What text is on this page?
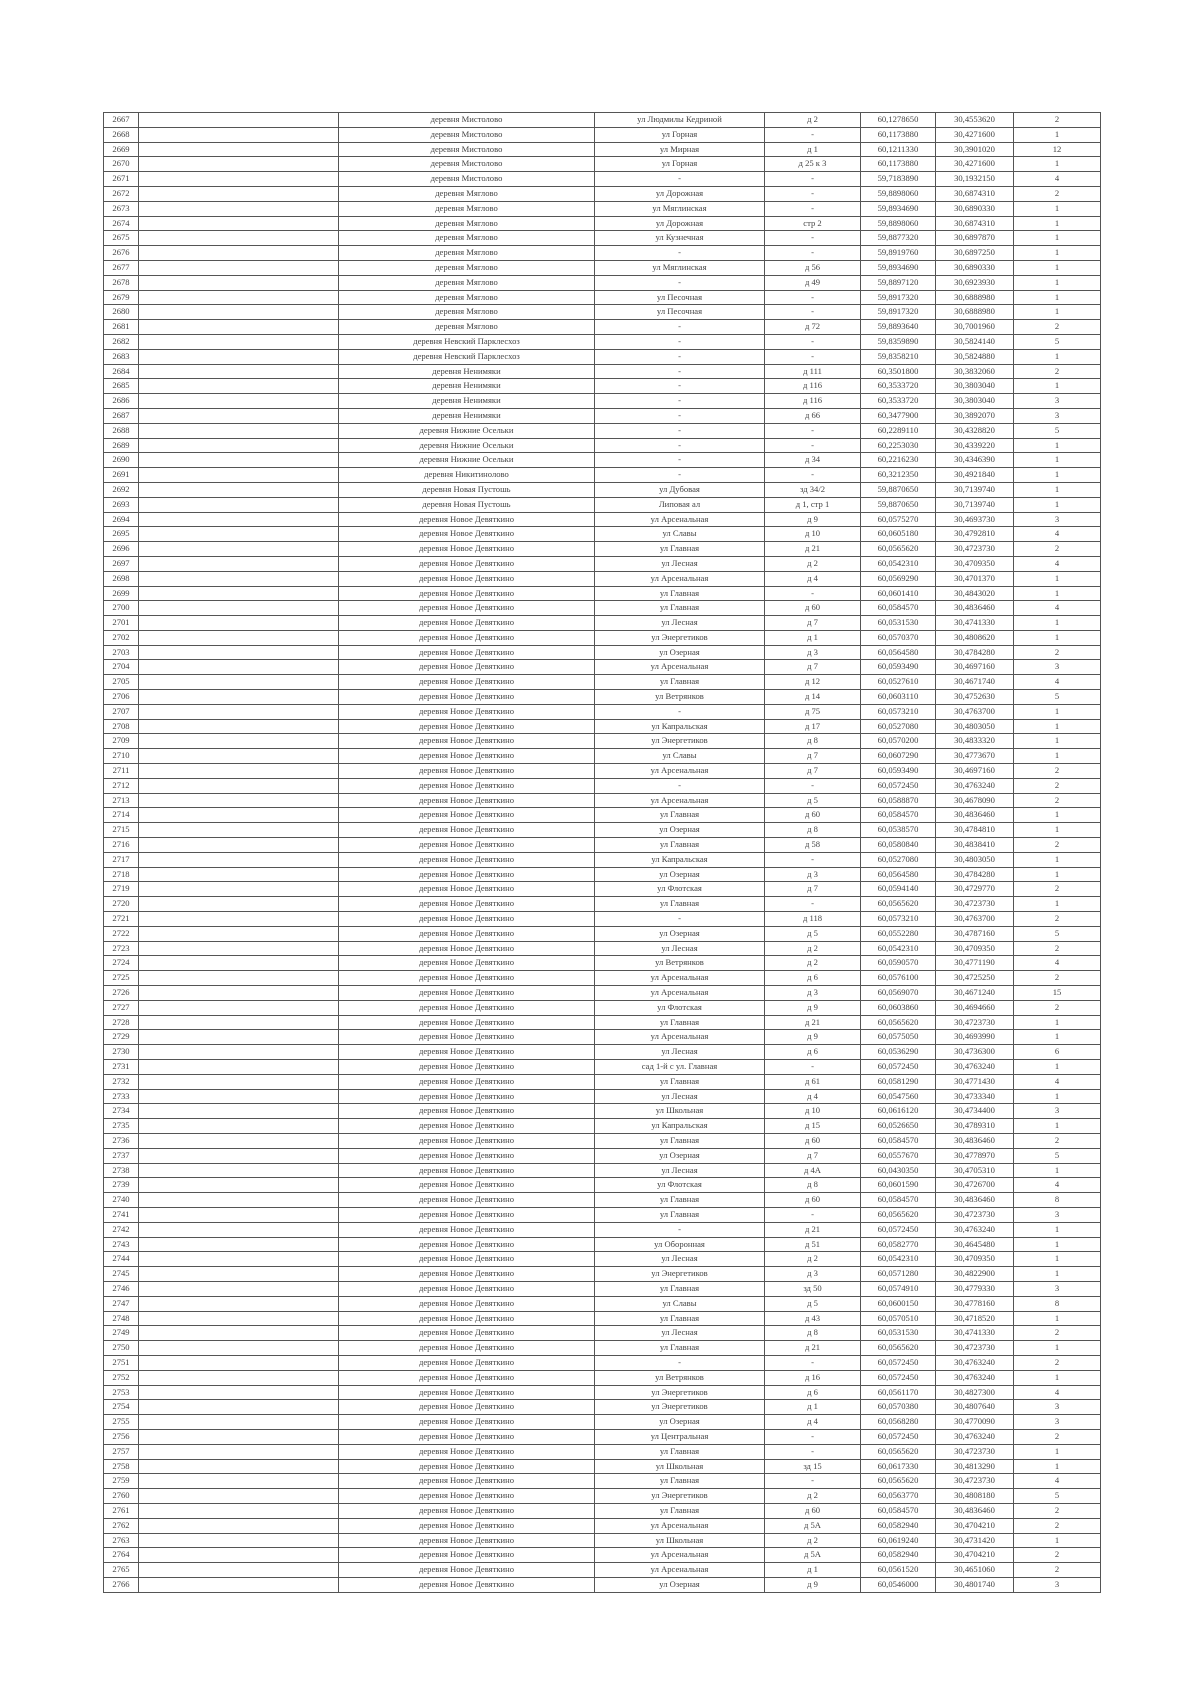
2667		деревня Мистолово	ул Людмилы Кедриной	д 2	60,1278650	30,4553620	2
2668		деревня Мистолово	ул Горная	-	60,1173880	30,4271600	1
2669		деревня Мистолово	ул Мирная	д 1	60,1211330	30,3901020	12
2670		деревня Мистолово	ул Горная	д 25 к 3	60,1173880	30,4271600	1
2671		деревня Мистолово	-	-	59,7183890	30,1932150	4
2672		деревня Мяглово	ул Дорожная	-	59,8898060	30,6874310	2
2673		деревня Мяглово	ул Мяглинская	-	59,8934690	30,6890330	1
2674		деревня Мяглово	ул Дорожная	стр 2	59,8898060	30,6874310	1
2675		деревня Мяглово	ул Кузнечная	-	59,8877320	30,6897870	1
2676		деревня Мяглово	-	-	59,8919760	30,6897250	1
2677		деревня Мяглово	ул Мяглинская	д 56	59,8934690	30,6890330	1
2678		деревня Мяглово	-	д 49	59,8897120	30,6923930	1
2679		деревня Мяглово	ул Песочная	-	59,8917320	30,6888980	1
2680		деревня Мяглово	ул Песочная	-	59,8917320	30,6888980	1
2681		деревня Мяглово	-	д 72	59,8893640	30,7001960	2
2682		деревня Невский Парклесхоз	-	-	59,8359890	30,5824140	5
2683		деревня Невский Парклесхоз	-	-	59,8358210	30,5824880	1
2684		деревня Ненимяки	-	д 111	60,3501800	30,3832060	2
2685		деревня Ненимяки	-	д 116	60,3533720	30,3803040	1
2686		деревня Ненимяки	-	д 116	60,3533720	30,3803040	3
2687		деревня Ненимяки	-	д 66	60,3477900	30,3892070	3
2688		деревня Нижние Осельки	-	-	60,2289110	30,4328820	5
2689		деревня Нижние Осельки	-	-	60,2253030	30,4339220	1
2690		деревня Нижние Осельки	-	д 34	60,2216230	30,4346390	1
2691		деревня Никитинолово	-	-	60,3212350	30,4921840	1
2692		деревня Новая Пустошь	ул Дубовая	зд 34/2	59,8870650	30,7139740	1
2693		деревня Новая Пустошь	Липовая ал	д 1, стр 1	59,8870650	30,7139740	1
2694		деревня Новое Девяткино	ул Арсенальная	д 9	60,0575270	30,4693730	3
2695		деревня Новое Девяткино	ул Славы	д 10	60,0605180	30,4792810	4
2696		деревня Новое Девяткино	ул Главная	д 21	60,0565620	30,4723730	2
2697		деревня Новое Девяткино	ул Лесная	д 2	60,0542310	30,4709350	4
2698		деревня Новое Девяткино	ул Арсенальная	д 4	60,0569290	30,4701370	1
2699		деревня Новое Девяткино	ул Главная	-	60,0601410	30,4843020	1
2700		деревня Новое Девяткино	ул Главная	д 60	60,0584570	30,4836460	4
2701		деревня Новое Девяткино	ул Лесная	д 7	60,0531530	30,4741330	1
2702		деревня Новое Девяткино	ул Энергетиков	д 1	60,0570370	30,4808620	1
2703		деревня Новое Девяткино	ул Озерная	д 3	60,0564580	30,4784280	2
2704		деревня Новое Девяткино	ул Арсенальная	д 7	60,0593490	30,4697160	3
2705		деревня Новое Девяткино	ул Главная	д 12	60,0527610	30,4671740	4
2706		деревня Новое Девяткино	ул Ветрянков	д 14	60,0603110	30,4752630	5
2707		деревня Новое Девяткино	-	д 75	60,0573210	30,4763700	1
2708		деревня Новое Девяткино	ул Капральская	д 17	60,0527080	30,4803050	1
2709		деревня Новое Девяткино	ул Энергетиков	д 8	60,0570200	30,4833320	1
2710		деревня Новое Девяткино	ул Славы	д 7	60,0607290	30,4773670	1
2711		деревня Новое Девяткино	ул Арсенальная	д 7	60,0593490	30,4697160	2
2712		деревня Новое Девяткино	-	-	60,0572450	30,4763240	2
2713		деревня Новое Девяткино	ул Арсенальная	д 5	60,0588870	30,4678090	2
2714		деревня Новое Девяткино	ул Главная	д 60	60,0584570	30,4836460	1
2715		деревня Новое Девяткино	ул Озерная	д 8	60,0538570	30,4784810	1
2716		деревня Новое Девяткино	ул Главная	д 58	60,0580840	30,4838410	2
2717		деревня Новое Девяткино	ул Капральская	-	60,0527080	30,4803050	1
2718		деревня Новое Девяткино	ул Озерная	д 3	60,0564580	30,4784280	1
2719		деревня Новое Девяткино	ул Флотская	д 7	60,0594140	30,4729770	2
2720		деревня Новое Девяткино	ул Главная	-	60,0565620	30,4723730	1
2721		деревня Новое Девяткино	-	д 118	60,0573210	30,4763700	2
2722		деревня Новое Девяткино	ул Озерная	д 5	60,0552280	30,4787160	5
2723		деревня Новое Девяткино	ул Лесная	д 2	60,0542310	30,4709350	2
2724		деревня Новое Девяткино	ул Ветрянков	д 2	60,0590570	30,4771190	4
2725		деревня Новое Девяткино	ул Арсенальная	д 6	60,0576100	30,4725250	2
2726		деревня Новое Девяткино	ул Арсенальная	д 3	60,0569070	30,4671240	15
2727		деревня Новое Девяткино	ул Флотская	д 9	60,0603860	30,4694660	2
2728		деревня Новое Девяткино	ул Главная	д 21	60,0565620	30,4723730	1
2729		деревня Новое Девяткино	ул Арсенальная	д 9	60,0575050	30,4693990	1
2730		деревня Новое Девяткино	ул Лесная	д 6	60,0536290	30,4736300	6
2731		деревня Новое Девяткино	сад 1-й с ул. Главная	-	60,0572450	30,4763240	1
2732		деревня Новое Девяткино	ул Главная	д 61	60,0581290	30,4771430	4
2733		деревня Новое Девяткино	ул Лесная	д 4	60,0547560	30,4733340	1
2734		деревня Новое Девяткино	ул Школьная	д 10	60,0616120	30,4734400	3
2735		деревня Новое Девяткино	ул Капральская	д 15	60,0526650	30,4789310	1
2736		деревня Новое Девяткино	ул Главная	д 60	60,0584570	30,4836460	2
2737		деревня Новое Девяткино	ул Озерная	д 7	60,0557670	30,4778970	5
2738		деревня Новое Девяткино	ул Лесная	д 4А	60,0430350	30,4705310	1
2739		деревня Новое Девяткино	ул Флотская	д 8	60,0601590	30,4726700	4
2740		деревня Новое Девяткино	ул Главная	д 60	60,0584570	30,4836460	8
2741		деревня Новое Девяткино	ул Главная	-	60,0565620	30,4723730	3
2742		деревня Новое Девяткино	-	д 21	60,0572450	30,4763240	1
2743		деревня Новое Девяткино	ул Оборонная	д 51	60,0582770	30,4645480	1
2744		деревня Новое Девяткино	ул Лесная	д 2	60,0542310	30,4709350	1
2745		деревня Новое Девяткино	ул Энергетиков	д 3	60,0571280	30,4822900	1
2746		деревня Новое Девяткино	ул Главная	зд 50	60,0574910	30,4779330	3
2747		деревня Новое Девяткино	ул Славы	д 5	60,0600150	30,4778160	8
2748		деревня Новое Девяткино	ул Главная	д 43	60,0570510	30,4718520	1
2749		деревня Новое Девяткино	ул Лесная	д 8	60,0531530	30,4741330	2
2750		деревня Новое Девяткино	ул Главная	д 21	60,0565620	30,4723730	1
2751		деревня Новое Девяткино	-	-	60,0572450	30,4763240	2
2752		деревня Новое Девяткино	ул Ветрянков	д 16	60,0572450	30,4763240	1
2753		деревня Новое Девяткино	ул Энергетиков	д 6	60,0561170	30,4827300	4
2754		деревня Новое Девяткино	ул Энергетиков	д 1	60,0570380	30,4807640	3
2755		деревня Новое Девяткино	ул Озерная	д 4	60,0568280	30,4770090	3
2756		деревня Новое Девяткино	ул Центральная	-	60,0572450	30,4763240	2
2757		деревня Новое Девяткино	ул Главная	-	60,0565620	30,4723730	1
2758		деревня Новое Девяткино	ул Школьная	зд 15	60,0617330	30,4813290	1
2759		деревня Новое Девяткино	ул Главная	-	60,0565620	30,4723730	4
2760		деревня Новое Девяткино	ул Энергетиков	д 2	60,0563770	30,4808180	5
2761		деревня Новое Девяткино	ул Главная	д 60	60,0584570	30,4836460	2
2762		деревня Новое Девяткино	ул Арсенальная	д 5А	60,0582940	30,4704210	2
2763		деревня Новое Девяткино	ул Школьная	д 2	60,0619240	30,4731420	1
2764		деревня Новое Девяткино	ул Арсенальная	д 5А	60,0582940	30,4704210	2
2765		деревня Новое Девяткино	ул Арсенальная	д 1	60,0561520	30,4651060	2
2766		деревня Новое Девяткино	ул Озерная	д 9	60,0546000	30,4801740	3
